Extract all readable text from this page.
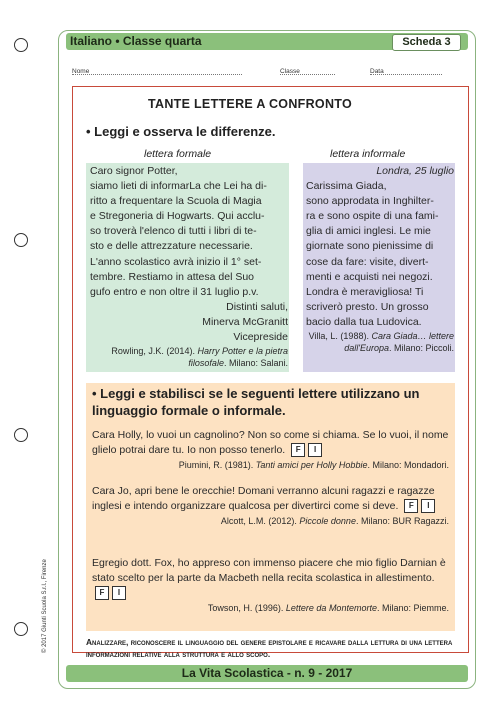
Italiano • Classe quarta	Scheda 3
Nome	Classe	Data
TANTE LETTERE A CONFRONTO
• Leggi e osserva le differenze.
lettera formale	lettera informale
Caro signor Potter,
siamo lieti di informarLa che Lei ha di-
ritto a frequentare la Scuola di Magia
e Stregoneria di Hogwarts. Qui acclu-
so troverà l'elenco di tutti i libri di te-
sto e delle attrezzature necessarie.
L'anno scolastico avrà inizio il 1° set-
tembre. Restiamo in attesa del Suo
gufo entro e non oltre il 31 luglio p.v.
Distinti saluti,
Minerva McGranitt
Vicepreside
Rowling, J.K. (2014). Harry Potter e la pietra filosofale. Milano: Salani.
Londra, 25 luglio
Carissima Giada,
sono approdata in Inghilter-
ra e sono ospite di una fami-
glia di amici inglesi. Le mie
giornate sono pienissime di
cose da fare: visite, divert-
menti e acquisti nei negozi.
Londra è meravigliosa! Ti
scriverò presto. Un grosso
bacio dalla tua Ludovica.
Villa, L. (1988). Cara Giada… lettere dall'Europa. Milano: Piccoli.
• Leggi e stabilisci se le seguenti lettere utilizzano un linguaggio formale o informale.
Cara Holly, lo vuoi un cagnolino? Non so come si chiama. Se lo vuoi, il nome glielo potrai dare tu. Io non posso tenerlo. F I
Piumini, R. (1981). Tanti amici per Holly Hobbie. Milano: Mondadori.
Cara Jo, apri bene le orecchie! Domani verranno alcuni ragazzi e ragazze inglesi e intendo organizzare qualcosa per divertirci come si deve. F I
Alcott, L.M. (2012). Piccole donne. Milano: BUR Ragazzi.
Egregio dott. Fox, ho appreso con immenso piacere che mio figlio Darnian è stato scelto per la parte da Macbeth nella recita scolastica in allestimento. F I
Towson, H. (1996). Lettere da Montemorte. Milano: Piemme.
Analizzare, riconoscere il linguaggio del genere epistolare e ricavare dalla lettura di una lettera informazioni relative alla struttura e allo scopo.
La Vita Scolastica - n. 9 - 2017
© 2017 Giunti Scuola S.r.l., Firenze
